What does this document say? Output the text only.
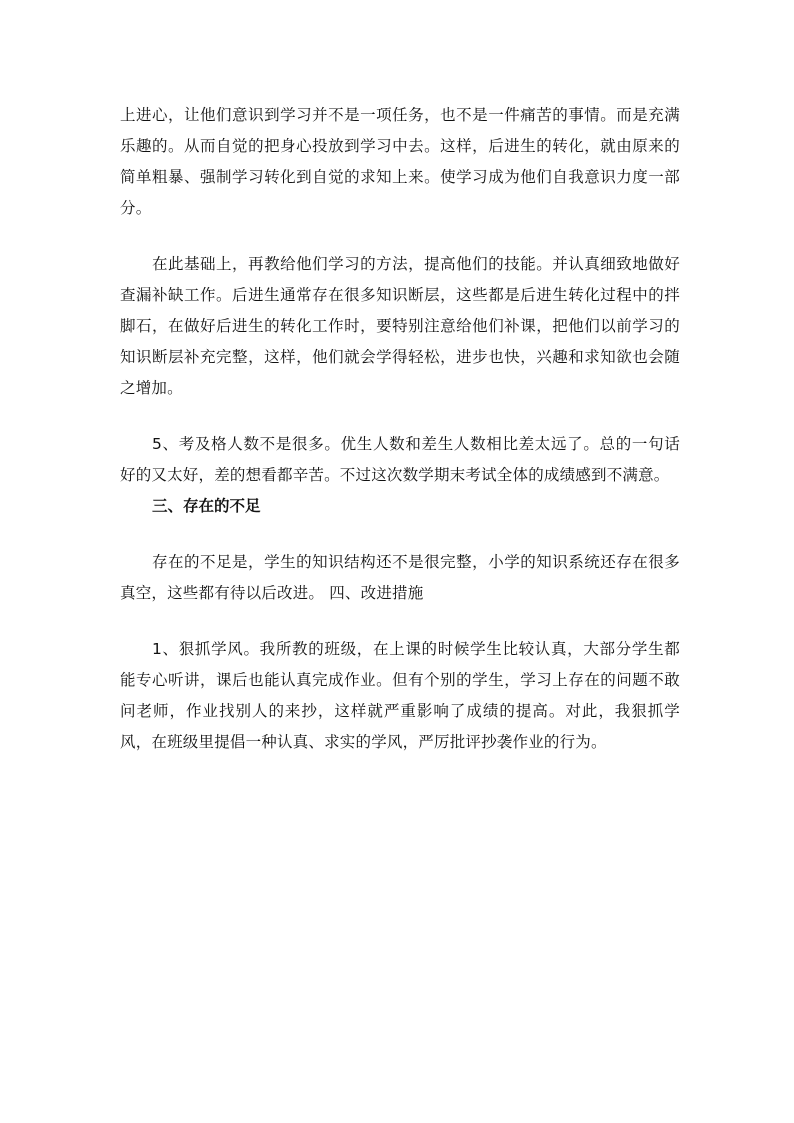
上进心，让他们意识到学习并不是一项任务，也不是一件痛苦的事情。而是充满乐趣的。从而自觉的把身心投放到学习中去。这样，后进生的转化，就由原来的简单粗暴、强制学习转化到自觉的求知上来。使学习成为他们自我意识力度一部分。

在此基础上，再教给他们学习的方法，提高他们的技能。并认真细致地做好查漏补缺工作。后进生通常存在很多知识断层，这些都是后进生转化过程中的拌脚石，在做好后进生的转化工作时，要特别注意给他们补课，把他们以前学习的知识断层补充完整，这样，他们就会学得轻松，进步也快，兴趣和求知欲也会随之增加。

5、考及格人数不是很多。优生人数和差生人数相比差太远了。总的一句话好的又太好，差的想看都辛苦。不过这次数学期末考试全体的成绩感到不满意。

三、存在的不足

存在的不足是，学生的知识结构还不是很完整，小学的知识系统还存在很多真空，这些都有待以后改进。 四、改进措施

1、狠抓学风。我所教的班级，在上课的时候学生比较认真，大部分学生都能专心听讲，课后也能认真完成作业。但有个别的学生，学习上存在的问题不敢问老师，作业找别人的来抄，这样就严重影响了成绩的提高。对此，我狠抓学风，在班级里提倡一种认真、求实的学风，严厉批评抄袭作业的行为。
